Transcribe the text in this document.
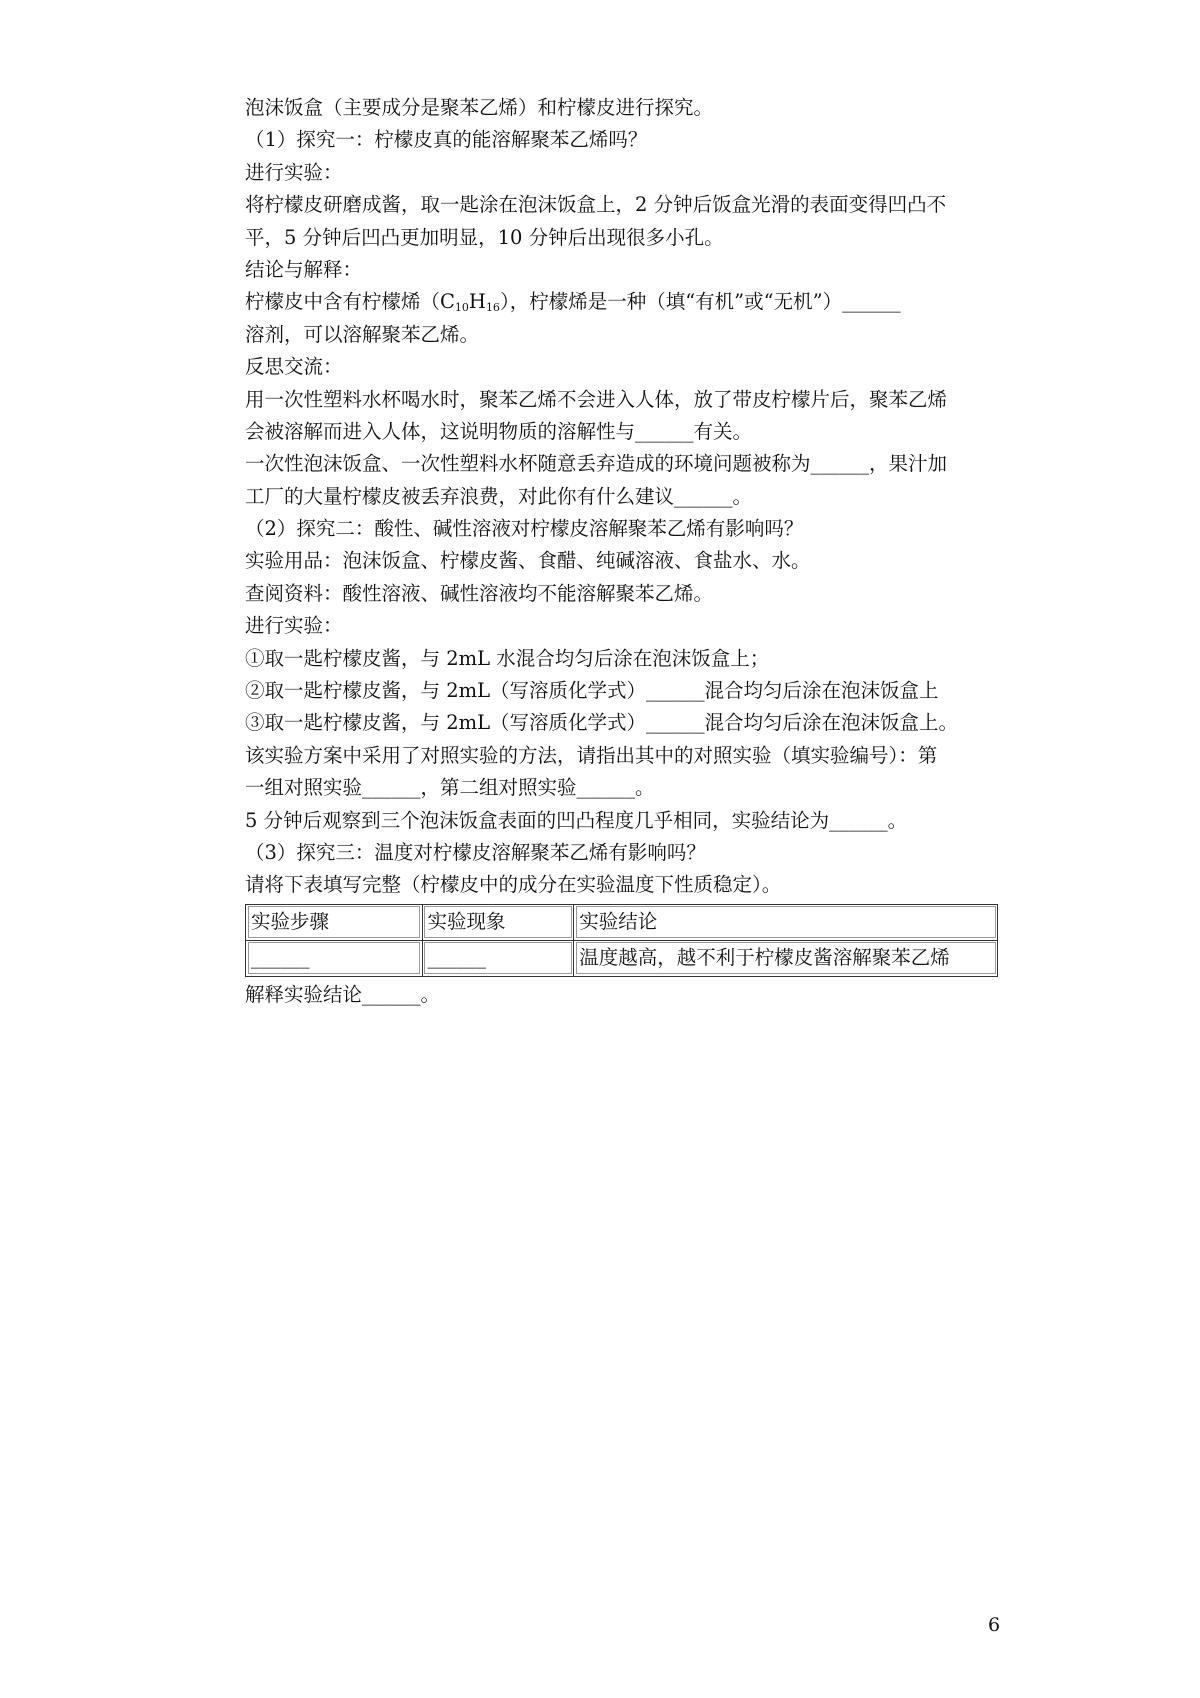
泡沫饭盒（主要成分是聚苯乙烯）和柠檬皮进行探究。
（1）探究一：柠檬皮真的能溶解聚苯乙烯吗？
进行实验：
将柠檬皮研磨成酱，取一匙涂在泡沫饭盒上，2 分钟后饭盒光滑的表面变得凹凸不
平，5 分钟后凹凸更加明显，10 分钟后出现很多小孔。
结论与解释：
柠檬皮中含有柠檬烯$(C_{10}H_{16})$，柠檬烯是一种（填“有机”或“无机”）______
溶剂，可以溶解聚苯乙烯。
反思交流：
用一次性塑料水杯喝水时，聚苯乙烯不会进入人体，放了带皮柠檬片后，聚苯乙烯
会被溶解而进入人体，这说明物质的溶解性与______有关。
一次性泡沫饭盒、一次性塑料水杯随意丢弃造成的环境问题被称为______，果汁加
工厂的大量柠檬皮被丢弃浪费，对此你有什么建议______。
（2）探究二：酸性、碱性溶液对柠檬皮溶解聚苯乙烯有影响吗？
实验用品：泡沫饭盒、柠檬皮酱、食醋、纯碱溶液、食盐水、水。
查阅资料：酸性溶液、碱性溶液均不能溶解聚苯乙烯。
进行实验：
①取一匙柠檬皮酱，与 2mL 水混合均匀后涂在泡沫饭盒上；
②取一匙柠檬皮酱，与 2mL（写溶质化学式）______混合均匀后涂在泡沫饭盒上
③取一匙柠檬皮酱，与 2mL（写溶质化学式）______混合均匀后涂在泡沫饭盒上。
该实验方案中采用了对照实验的方法，请指出其中的对照实验（填实验编号）：第
一组对照实验______，第二组对照实验______。
5 分钟后观察到三个泡沫饭盒表面的凹凸程度几乎相同，实验结论为______。
（3）探究三：温度对柠檬皮溶解聚苯乙烯有影响吗？
请将下表填写完整（柠檬皮中的成分在实验温度下性质稳定）。
实验步骤	实验现象	实验结论
______	______	温度越高，越不利于柠檬皮酱溶解聚苯乙烯
解释实验结论______。
6
